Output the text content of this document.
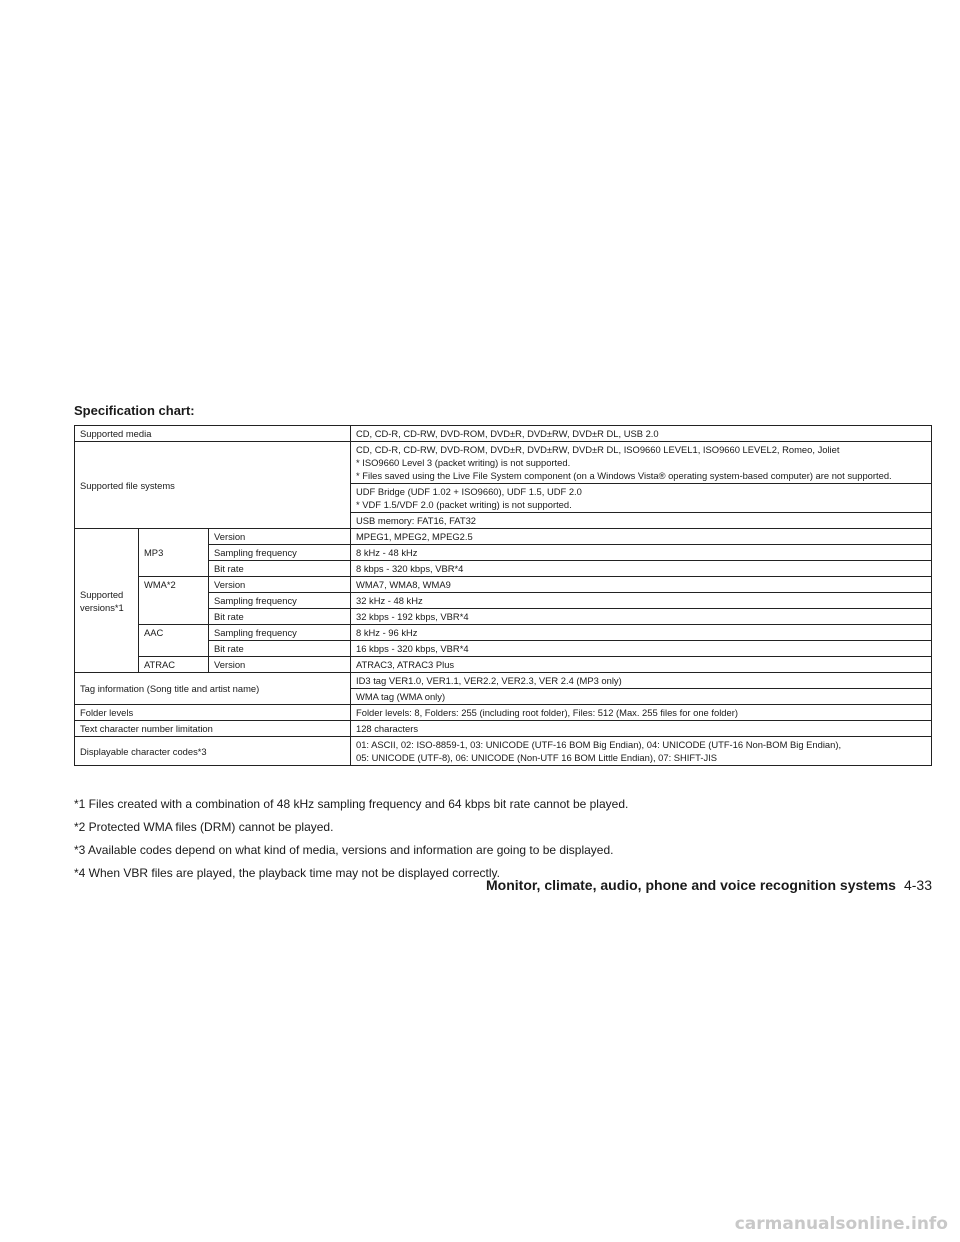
Specification chart:
Supported media			CD, CD-R, CD-RW, DVD-ROM, DVD±R, DVD±RW, DVD±R DL, USB 2.0
Supported file systems			CD, CD-R, CD-RW, DVD-ROM, DVD±R, DVD±RW, DVD±R DL, ISO9660 LEVEL1, ISO9660 LEVEL2, Romeo, Joliet
* ISO9660 Level 3 (packet writing) is not supported.
* Files saved using the Live File System component (on a Windows Vista® operating system-based computer) are not supported.

			UDF Bridge (UDF 1.02 + ISO9660), UDF 1.5, UDF 2.0
* VDF 1.5/VDF 2.0 (packet writing) is not supported.

			USB memory: FAT16, FAT32
Supported versions*1	MP3	Version	MPEG1, MPEG2, MPEG2.5
		Sampling frequency	8 kHz - 48 kHz
		Bit rate	8 kbps - 320 kbps, VBR*4
	WMA*2	Version	WMA7, WMA8, WMA9
		Sampling frequency	32 kHz - 48 kHz
		Bit rate	32 kbps - 192 kbps, VBR*4
	AAC	Sampling frequency	8 kHz - 96 kHz
		Bit rate	16 kbps - 320 kbps, VBR*4
	ATRAC	Version	ATRAC3, ATRAC3 Plus
Tag information (Song title and artist name)			ID3 tag VER1.0, VER1.1, VER2.2, VER2.3, VER 2.4 (MP3 only)
			WMA tag (WMA only)
Folder levels			Folder levels: 8, Folders: 255 (including root folder), Files: 512 (Max. 255 files for one folder)
Text character number limitation			128 characters
Displayable character codes*3			01: ASCII, 02: ISO-8859-1, 03: UNICODE (UTF-16 BOM Big Endian), 04: UNICODE (UTF-16 Non-BOM Big Endian),
05: UNICODE (UTF-8), 06: UNICODE (Non-UTF 16 BOM Little Endian), 07: SHIFT-JIS

*1 Files created with a combination of 48 kHz sampling frequency and 64 kbps bit rate cannot be played.

*2 Protected WMA files (DRM) cannot be played.

*3 Available codes depend on what kind of media, versions and information are going to be displayed.

*4 When VBR files are played, the playback time may not be displayed correctly.

Monitor, climate, audio, phone and voice recognition systems 4-33
carmanualsonline.info
